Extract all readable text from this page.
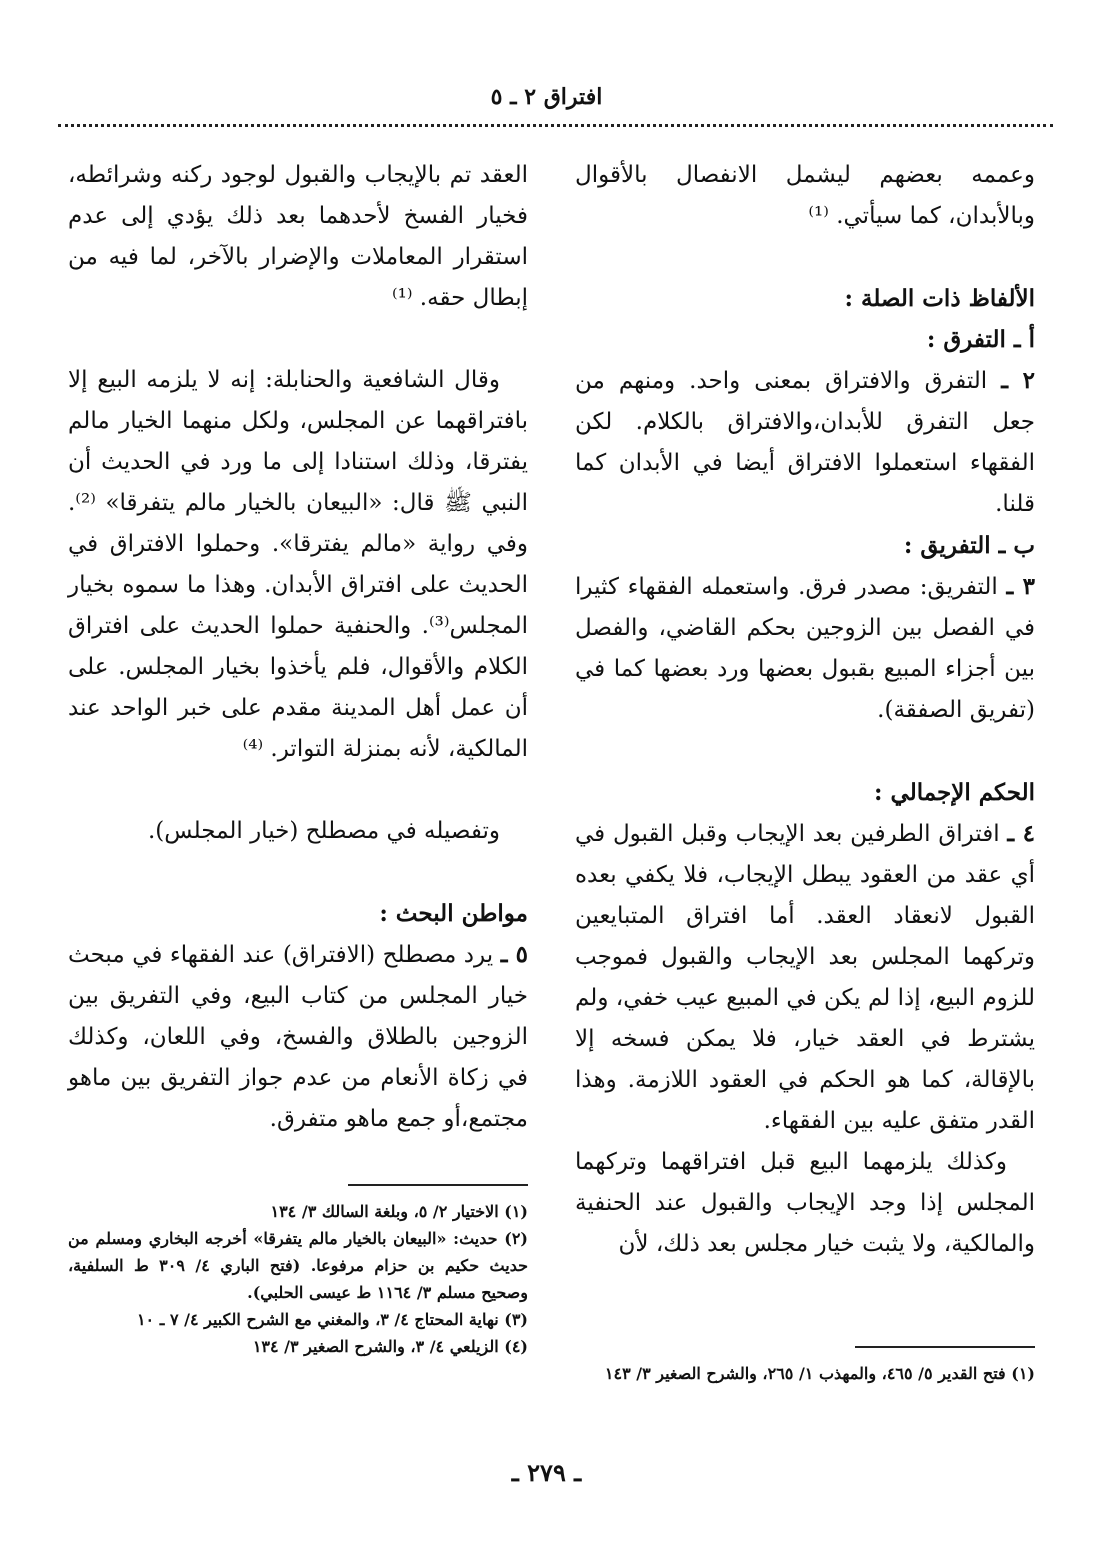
افتراق ٢ ـ ٥

وعممه بعضهم ليشمل الانفصال بالأقوال وبالأبدان، كما سيأتي. ⁽¹⁾

الألفاظ ذات الصلة :

أ ـ التفرق :

٢ ـ التفرق والافتراق بمعنى واحد. ومنهم من جعل التفرق للأبدان،والافتراق بالكلام. لكن الفقهاء استعملوا الافتراق أيضا في الأبدان كما قلنا.

ب ـ التفريق :

٣ ـ التفريق: مصدر فرق. واستعمله الفقهاء كثيرا في الفصل بين الزوجين بحكم القاضي، والفصل بين أجزاء المبيع بقبول بعضها ورد بعضها كما في (تفريق الصفقة).

الحكم الإجمالي :

٤ ـ افتراق الطرفين بعد الإيجاب وقبل القبول في أي عقد من العقود يبطل الإيجاب، فلا يكفي بعده القبول لانعقاد العقد. أما افتراق المتبايعين وتركهما المجلس بعد الإيجاب والقبول فموجب للزوم البيع، إذا لم يكن في المبيع عيب خفي، ولم يشترط في العقد خيار، فلا يمكن فسخه إلا بالإقالة، كما هو الحكم في العقود اللازمة. وهذا القدر متفق عليه بين الفقهاء.

وكذلك يلزمهما البيع قبل افتراقهما وتركهما المجلس إذا وجد الإيجاب والقبول عند الحنفية والمالكية، ولا يثبت خيار مجلس بعد ذلك، لأن

العقد تم بالإيجاب والقبول لوجود ركنه وشرائطه، فخيار الفسخ لأحدهما بعد ذلك يؤدي إلى عدم استقرار المعاملات والإضرار بالآخر، لما فيه من إبطال حقه. ⁽¹⁾

وقال الشافعية والحنابلة: إنه لا يلزمه البيع إلا بافتراقهما عن المجلس، ولكل منهما الخيار مالم يفترقا، وذلك استنادا إلى ما ورد في الحديث أن النبي ﷺ قال: «البيعان بالخيار مالم يتفرقا» ⁽²⁾. وفي رواية «مالم يفترقا». وحملوا الافتراق في الحديث على افتراق الأبدان. وهذا ما سموه بخيار المجلس⁽³⁾. والحنفية حملوا الحديث على افتراق الكلام والأقوال، فلم يأخذوا بخيار المجلس. على أن عمل أهل المدينة مقدم على خبر الواحد عند المالكية، لأنه بمنزلة التواتر. ⁽⁴⁾

وتفصيله في مصطلح (خيار المجلس).

مواطن البحث :

٥ ـ يرد مصطلح (الافتراق) عند الفقهاء في مبحث خيار المجلس من كتاب البيع، وفي التفريق بين الزوجين بالطلاق والفسخ، وفي اللعان، وكذلك في زكاة الأنعام من عدم جواز التفريق بين ماهو مجتمع،أو جمع ماهو متفرق.

(١) الاختيار ٢/ ٥، وبلغة السالك ٣/ ١٣٤

(٢) حديث: «البيعان بالخيار مالم يتفرقا» أخرجه البخاري ومسلم من حديث حكيم بن حزام مرفوعا. (فتح الباري ٤/ ٣٠٩ ط السلفية، وصحيح مسلم ٣/ ١١٦٤ ط عيسى الحلبي).

(٣) نهاية المحتاج ٤/ ٣، والمغني مع الشرح الكبير ٤/ ٧ ـ ١٠

(٤) الزيلعي ٤/ ٣، والشرح الصغير ٣/ ١٣٤

(١) فتح القدير ٥/ ٤٦٥، والمهذب ١/ ٢٦٥، والشرح الصغير ٣/ ١٤٣

ـ ٢٧٩ ـ
